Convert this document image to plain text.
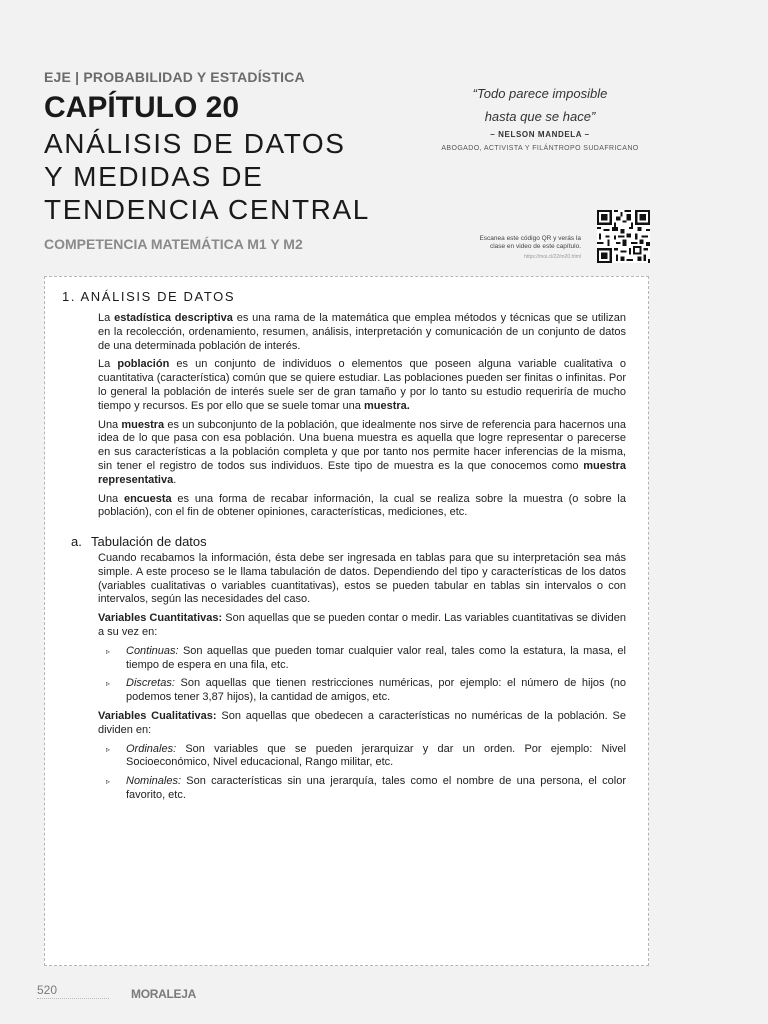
EJE | PROBABILIDAD Y ESTADÍSTICA
CAPÍTULO 20
ANÁLISIS DE DATOS
Y MEDIDAS DE
TENDENCIA CENTRAL
COMPETENCIA MATEMÁTICA M1 Y M2
“Todo parece imposible
hasta que se hace”
– NELSON MANDELA –
ABOGADO, ACTIVISTA Y FILÁNTROPO SUDAFRICANO
Escanea este código QR y verás la
clase en video de este capítulo.
https://moi.cl/22/m20.html
1. ANÁLISIS DE DATOS

La estadística descriptiva es una rama de la matemática que emplea métodos y técnicas que se utilizan en la recolección, ordenamiento, resumen, análisis, interpretación y comunicación de un conjunto de datos de una determinada población de interés.

La población es un conjunto de individuos o elementos que poseen alguna variable cualitativa o cuantitativa (característica) común que se quiere estudiar. Las poblaciones pueden ser finitas o infinitas. Por lo general la población de interés suele ser de gran tamaño y por lo tanto su estudio requeriría de mucho tiempo y recursos. Es por ello que se suele tomar una muestra.

Una muestra es un subconjunto de la población, que idealmente nos sirve de referencia para hacernos una idea de lo que pasa con esa población. Una buena muestra es aquella que logre representar o parecerse en sus características a la población completa y que por tanto nos permite hacer inferencias de la misma, sin tener el registro de todos sus individuos. Este tipo de muestra es la que conocemos como muestra representativa.

Una encuesta es una forma de recabar información, la cual se realiza sobre la muestra (o sobre la población), con el fin de obtener opiniones, características, mediciones, etc.

a. Tabulación de datos

Cuando recabamos la información, ésta debe ser ingresada en tablas para que su interpretación sea más simple. A este proceso se le llama tabulación de datos. Dependiendo del tipo y características de los datos (variables cualitativas o variables cuantitativas), estos se pueden tabular en tablas sin intervalos o con intervalos, según las necesidades del caso.

Variables Cuantitativas: Son aquellas que se pueden contar o medir. Las variables cuantitativas se dividen a su vez en:

▹ Continuas: Son aquellas que pueden tomar cualquier valor real, tales como la estatura, la masa, el tiempo de espera en una fila, etc.
▹ Discretas: Son aquellas que tienen restricciones numéricas, por ejemplo: el número de hijos (no podemos tener 3,87 hijos), la cantidad de amigos, etc.

Variables Cualitativas: Son aquellas que obedecen a características no numéricas de la población. Se dividen en:

▹ Ordinales: Son variables que se pueden jerarquizar y dar un orden. Por ejemplo: Nivel Socioeconómico, Nivel educacional, Rango militar, etc.
▹ Nominales: Son características sin una jerarquía, tales como el nombre de una persona, el color favorito, etc.
520	MORALEJA
